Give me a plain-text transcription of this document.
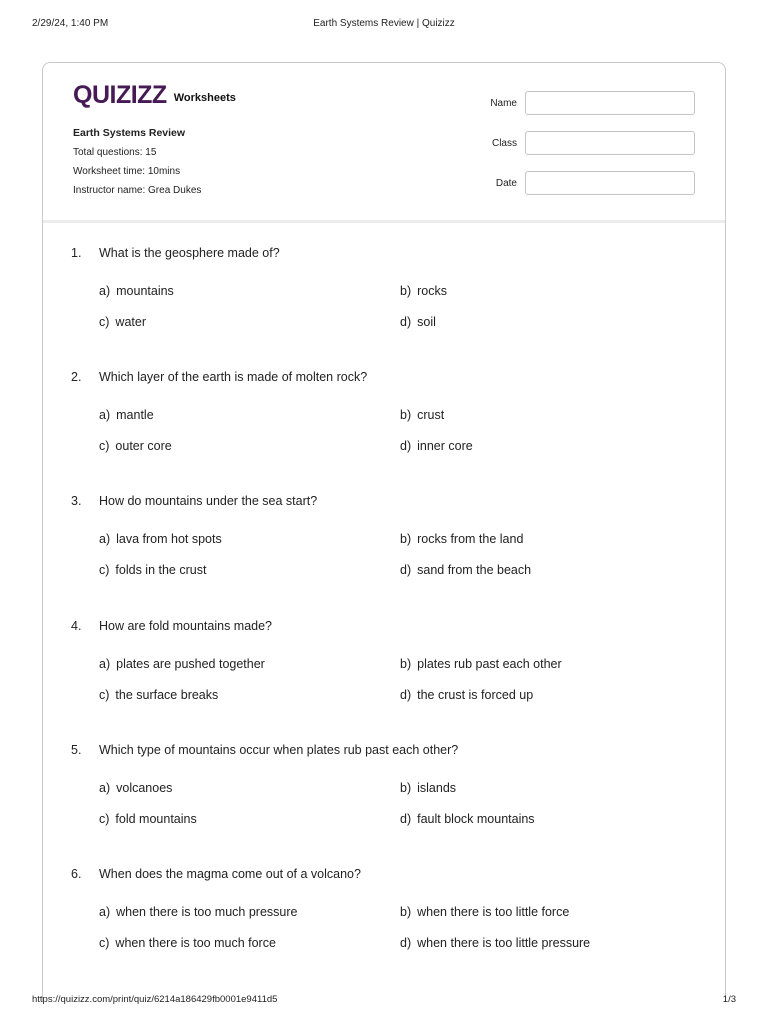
2/29/24, 1:40 PM	Earth Systems Review | Quizizz
QUIZIZZ Worksheets
Earth Systems Review
Total questions: 15
Worksheet time: 10mins
Instructor name: Grea Dukes
Name
Class
Date
1.	What is the geosphere made of?
a) mountains	b) rocks
c) water	d) soil
2.	Which layer of the earth is made of molten rock?
a) mantle	b) crust
c) outer core	d) inner core
3.	How do mountains under the sea start?
a) lava from hot spots	b) rocks from the land
c) folds in the crust	d) sand from the beach
4.	How are fold mountains made?
a) plates are pushed together	b) plates rub past each other
c) the surface breaks	d) the crust is forced up
5.	Which type of mountains occur when plates rub past each other?
a) volcanoes	b) islands
c) fold mountains	d) fault block mountains
6.	When does the magma come out of a volcano?
a) when there is too much pressure	b) when there is too little force
c) when there is too much force	d) when there is too little pressure
https://quizizz.com/print/quiz/6214a186429fb0001e9411d5	1/3
